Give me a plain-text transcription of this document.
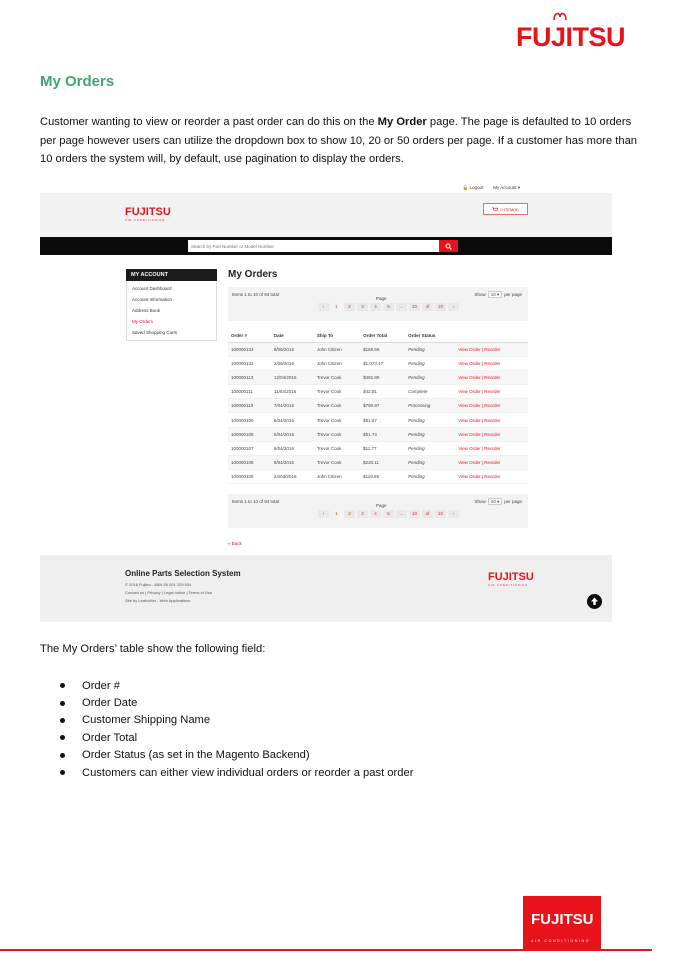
FUJITSU
My Orders

Customer wanting to view or reorder a past order can do this on the My Order page. The page is defaulted to 10 orders per page however users can utilize the dropdown box to show 10, 20 or 50 orders per page. If a customer has more than 10 orders the system will, by default, use pagination to display the orders.

🔒 Logout My Account ▾
FUJITSU
AIR CONDITIONING
0 ITEM(S)
Search by Part Number or Model Number
MY ACCOUNT
Account Dashboard
Account Information
Address Book
My Orders
Saved Shopping Carts
My Orders
Items 1 to 10 of 94 total
Page
‹	1	2	3	4	5	…	10	of	10	›
Show	10 ▾	per page
Order #	Date	Ship To	Order Total	Order Status	
100000133	8/06/2016	John Citizen	$169.56	Pending	View Order | Reorder
100000132	2/06/2016	John Citizen	$1,073.47	Pending	View Order | Reorder
100000113	12/04/2016	Trevor Cook	$481.89	Pending	View Order | Reorder
100000111	11/04/2016	Trevor Cook	$42.91	Complete	View Order | Reorder
100000110	7/04/2016	Trevor Cook	$790.97	Processing	View Order | Reorder
100000109	6/04/2016	Trevor Cook	$51.67	Pending	View Order | Reorder
100000108	6/04/2016	Trevor Cook	$51.74	Pending	View Order | Reorder
100000107	6/04/2016	Trevor Cook	$11.77	Pending	View Order | Reorder
100000106	6/04/2016	Trevor Cook	$220.11	Pending	View Order | Reorder
100000105	24/03/2016	John Citizen	$119.89	Pending	View Order | Reorder
Items 1 to 10 of 94 total
Page
‹	1	2	3	4	5	…	10	of	10	›
Show	10 ▾	per page
« Back
Online Parts Selection System
© 2016 Fujitsu - ABN 55 001 229 554
Contact us | Privacy | Legal notice | Terms of Use
Site by Leafcutter - Web Applications
FUJITSU
AIR CONDITIONING

The My Orders’ table show the following field:

Order #
Order Date
Customer Shipping Name
Order Total
Order Status (as set in the Magento Backend)
Customers can either view individual orders or reorder a past order
FUJITSU
AIR CONDITIONING
